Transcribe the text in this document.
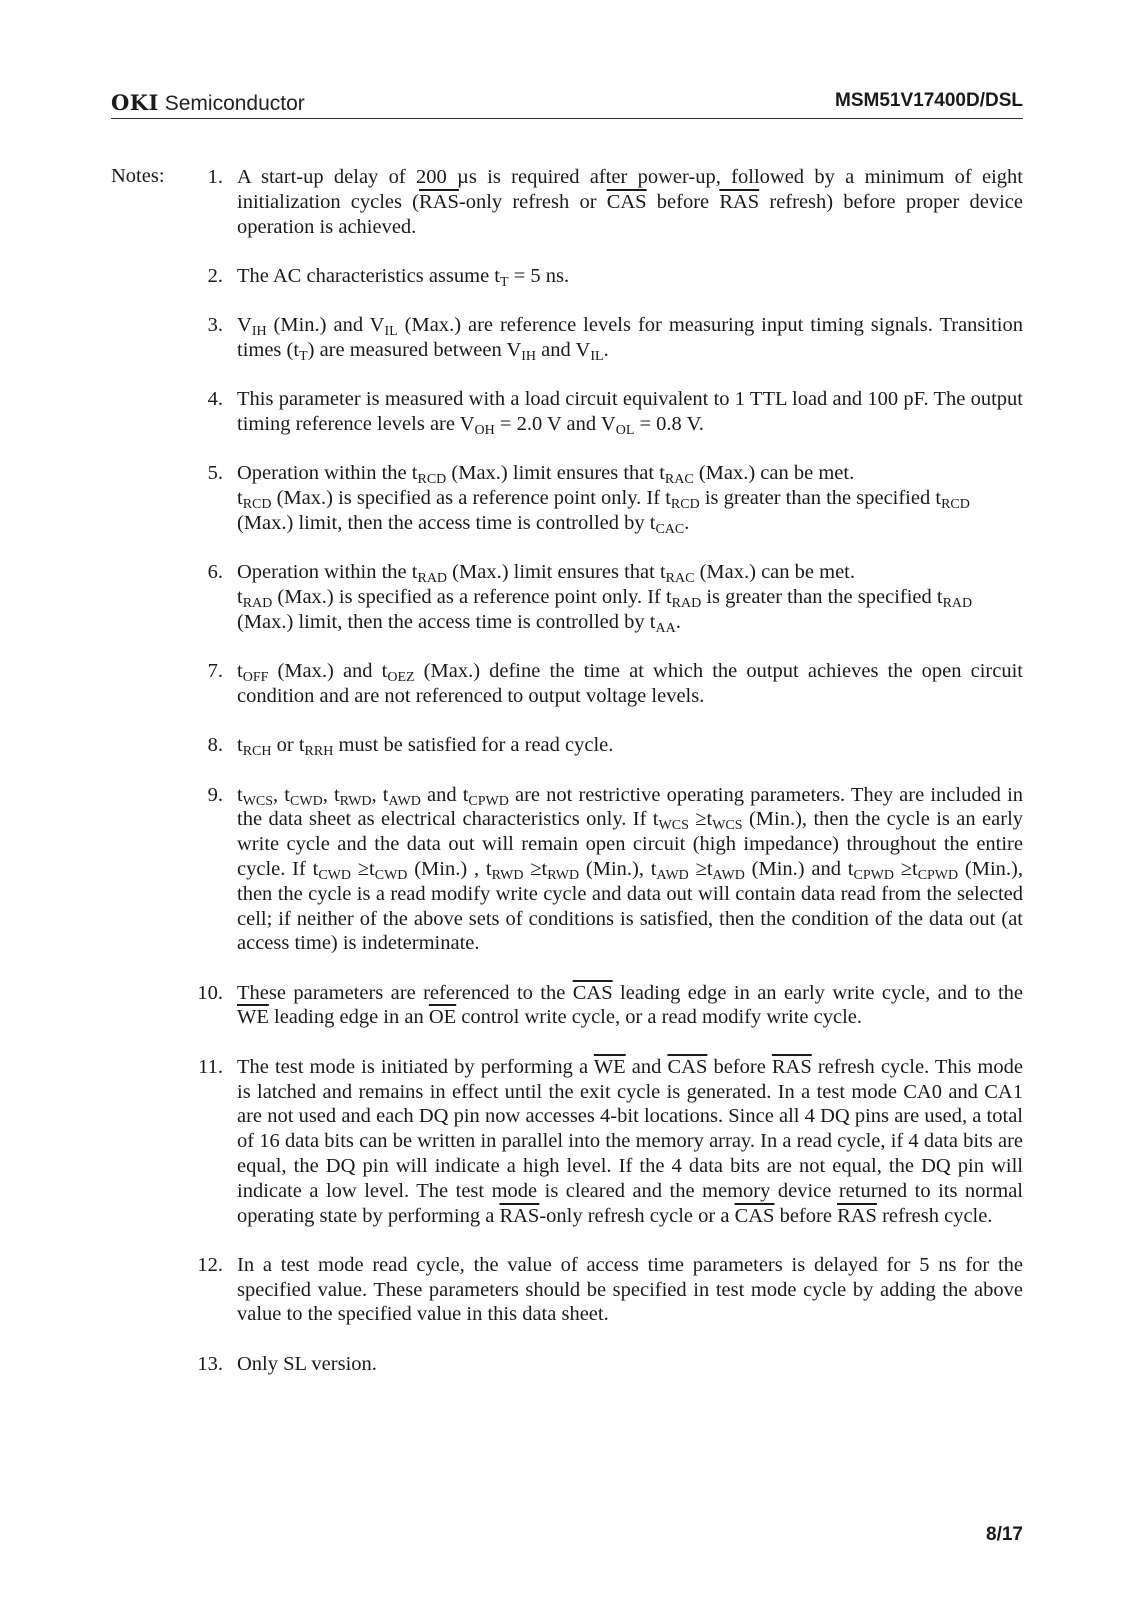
OKI Semiconductor	MSM51V17400D/DSL
Notes:	1. A start-up delay of 200 µs is required after power-up, followed by a minimum of eight initialization cycles ($\overline{RAS}$-only refresh or $\overline{CAS}$ before $\overline{RAS}$ refresh) before proper device operation is achieved.
2. The AC characteristics assume $t_T = 5$ ns.
3. $V_{IH}$ (Min.) and $V_{IL}$ (Max.) are reference levels for measuring input timing signals. Transition times $(t_T)$ are measured between $V_{IH}$ and $V_{IL}$.
4. This parameter is measured with a load circuit equivalent to 1 TTL load and 100 pF. The output timing reference levels are $V_{OH} = 2.0$ V and $V_{OL} = 0.8$ V.
5. Operation within the $t_{RCD}$ (Max.) limit ensures that $t_{RAC}$ (Max.) can be met.
$t_{RCD}$ (Max.) is specified as a reference point only. If $t_{RCD}$ is greater than the specified $t_{RCD}$ (Max.) limit, then the access time is controlled by $t_{CAC}$.
6. Operation within the $t_{RAD}$ (Max.) limit ensures that $t_{RAC}$ (Max.) can be met.
$t_{RAD}$ (Max.) is specified as a reference point only. If $t_{RAD}$ is greater than the specified $t_{RAD}$ (Max.) limit, then the access time is controlled by $t_{AA}$.
7. $t_{OFF}$ (Max.) and $t_{OEZ}$ (Max.) define the time at which the output achieves the open circuit condition and are not referenced to output voltage levels.
8. $t_{RCH}$ or $t_{RRH}$ must be satisfied for a read cycle.
9. $t_{WCS}$, $t_{CWD}$, $t_{RWD}$, $t_{AWD}$ and $t_{CPWD}$ are not restrictive operating parameters. They are included in the data sheet as electrical characteristics only. If $t_{WCS} \ge t_{WCS}$ (Min.), then the cycle is an early write cycle and the data out will remain open circuit (high impedance) throughout the entire cycle. If $t_{CWD} \ge t_{CWD}$ (Min.) , $t_{RWD} \ge t_{RWD}$ (Min.), $t_{AWD} \ge t_{AWD}$ (Min.) and $t_{CPWD} \ge t_{CPWD}$ (Min.), then the cycle is a read modify write cycle and data out will contain data read from the selected cell; if neither of the above sets of conditions is satisfied, then the condition of the data out (at access time) is indeterminate.
10. These parameters are referenced to the $\overline{CAS}$ leading edge in an early write cycle, and to the $\overline{WE}$ leading edge in an $\overline{OE}$ control write cycle, or a read modify write cycle.
11. The test mode is initiated by performing a $\overline{WE}$ and $\overline{CAS}$ before $\overline{RAS}$ refresh cycle. This mode is latched and remains in effect until the exit cycle is generated. In a test mode CA0 and CA1 are not used and each DQ pin now accesses 4-bit locations. Since all 4 DQ pins are used, a total of 16 data bits can be written in parallel into the memory array. In a read cycle, if 4 data bits are equal, the DQ pin will indicate a high level. If the 4 data bits are not equal, the DQ pin will indicate a low level. The test mode is cleared and the memory device returned to its normal operating state by performing a $\overline{RAS}$-only refresh cycle or a $\overline{CAS}$ before $\overline{RAS}$ refresh cycle.
12. In a test mode read cycle, the value of access time parameters is delayed for 5 ns for the specified value. These parameters should be specified in test mode cycle by adding the above value to the specified value in this data sheet.
13. Only SL version.
8/17
